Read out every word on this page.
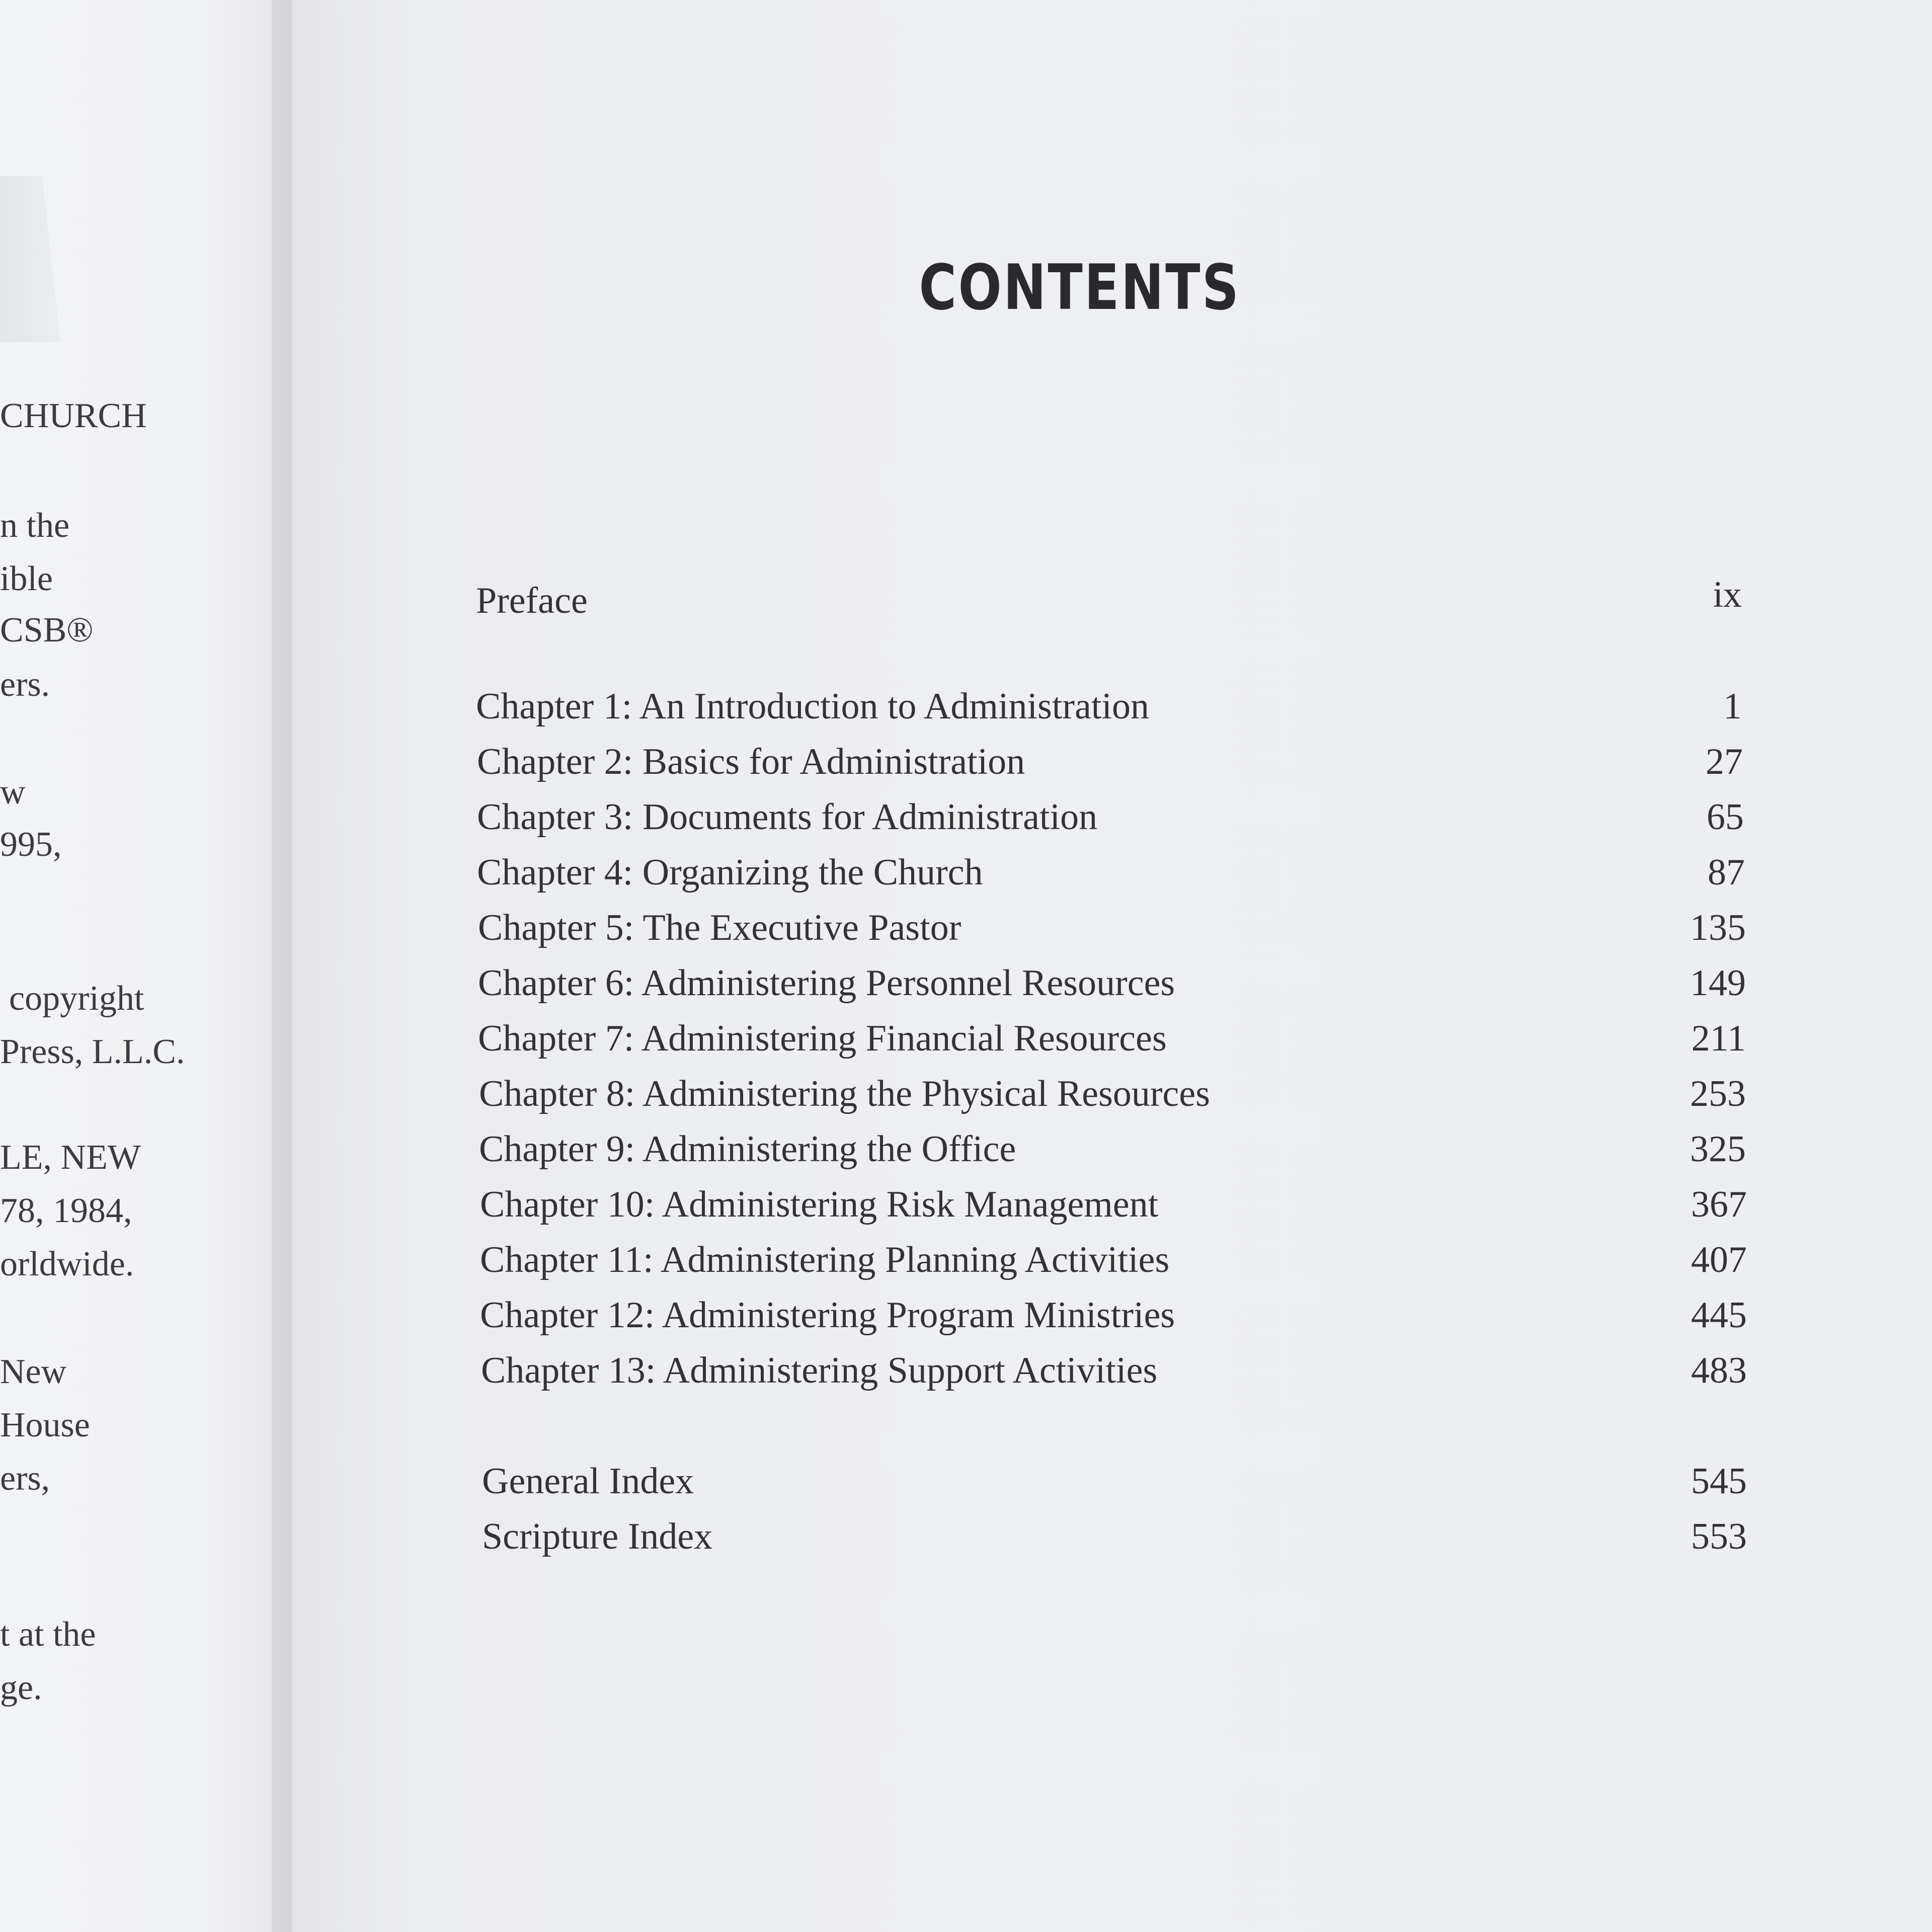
CHURCH
n the
ible
CSB®
ers.
w
995,
copyright
Press, L.L.C.
LE, NEW
78, 1984,
orldwide.
New
House
ers,
t at the
ge.
CONTENTS
Preface	ix
Chapter 1: An Introduction to Administration	1
Chapter 2: Basics for Administration	27
Chapter 3: Documents for Administration	65
Chapter 4: Organizing the Church	87
Chapter 5: The Executive Pastor	135
Chapter 6: Administering Personnel Resources	149
Chapter 7: Administering Financial Resources	211
Chapter 8: Administering the Physical Resources	253
Chapter 9: Administering the Office	325
Chapter 10: Administering Risk Management	367
Chapter 11: Administering Planning Activities	407
Chapter 12: Administering Program Ministries	445
Chapter 13: Administering Support Activities	483
General Index	545
Scripture Index	553
